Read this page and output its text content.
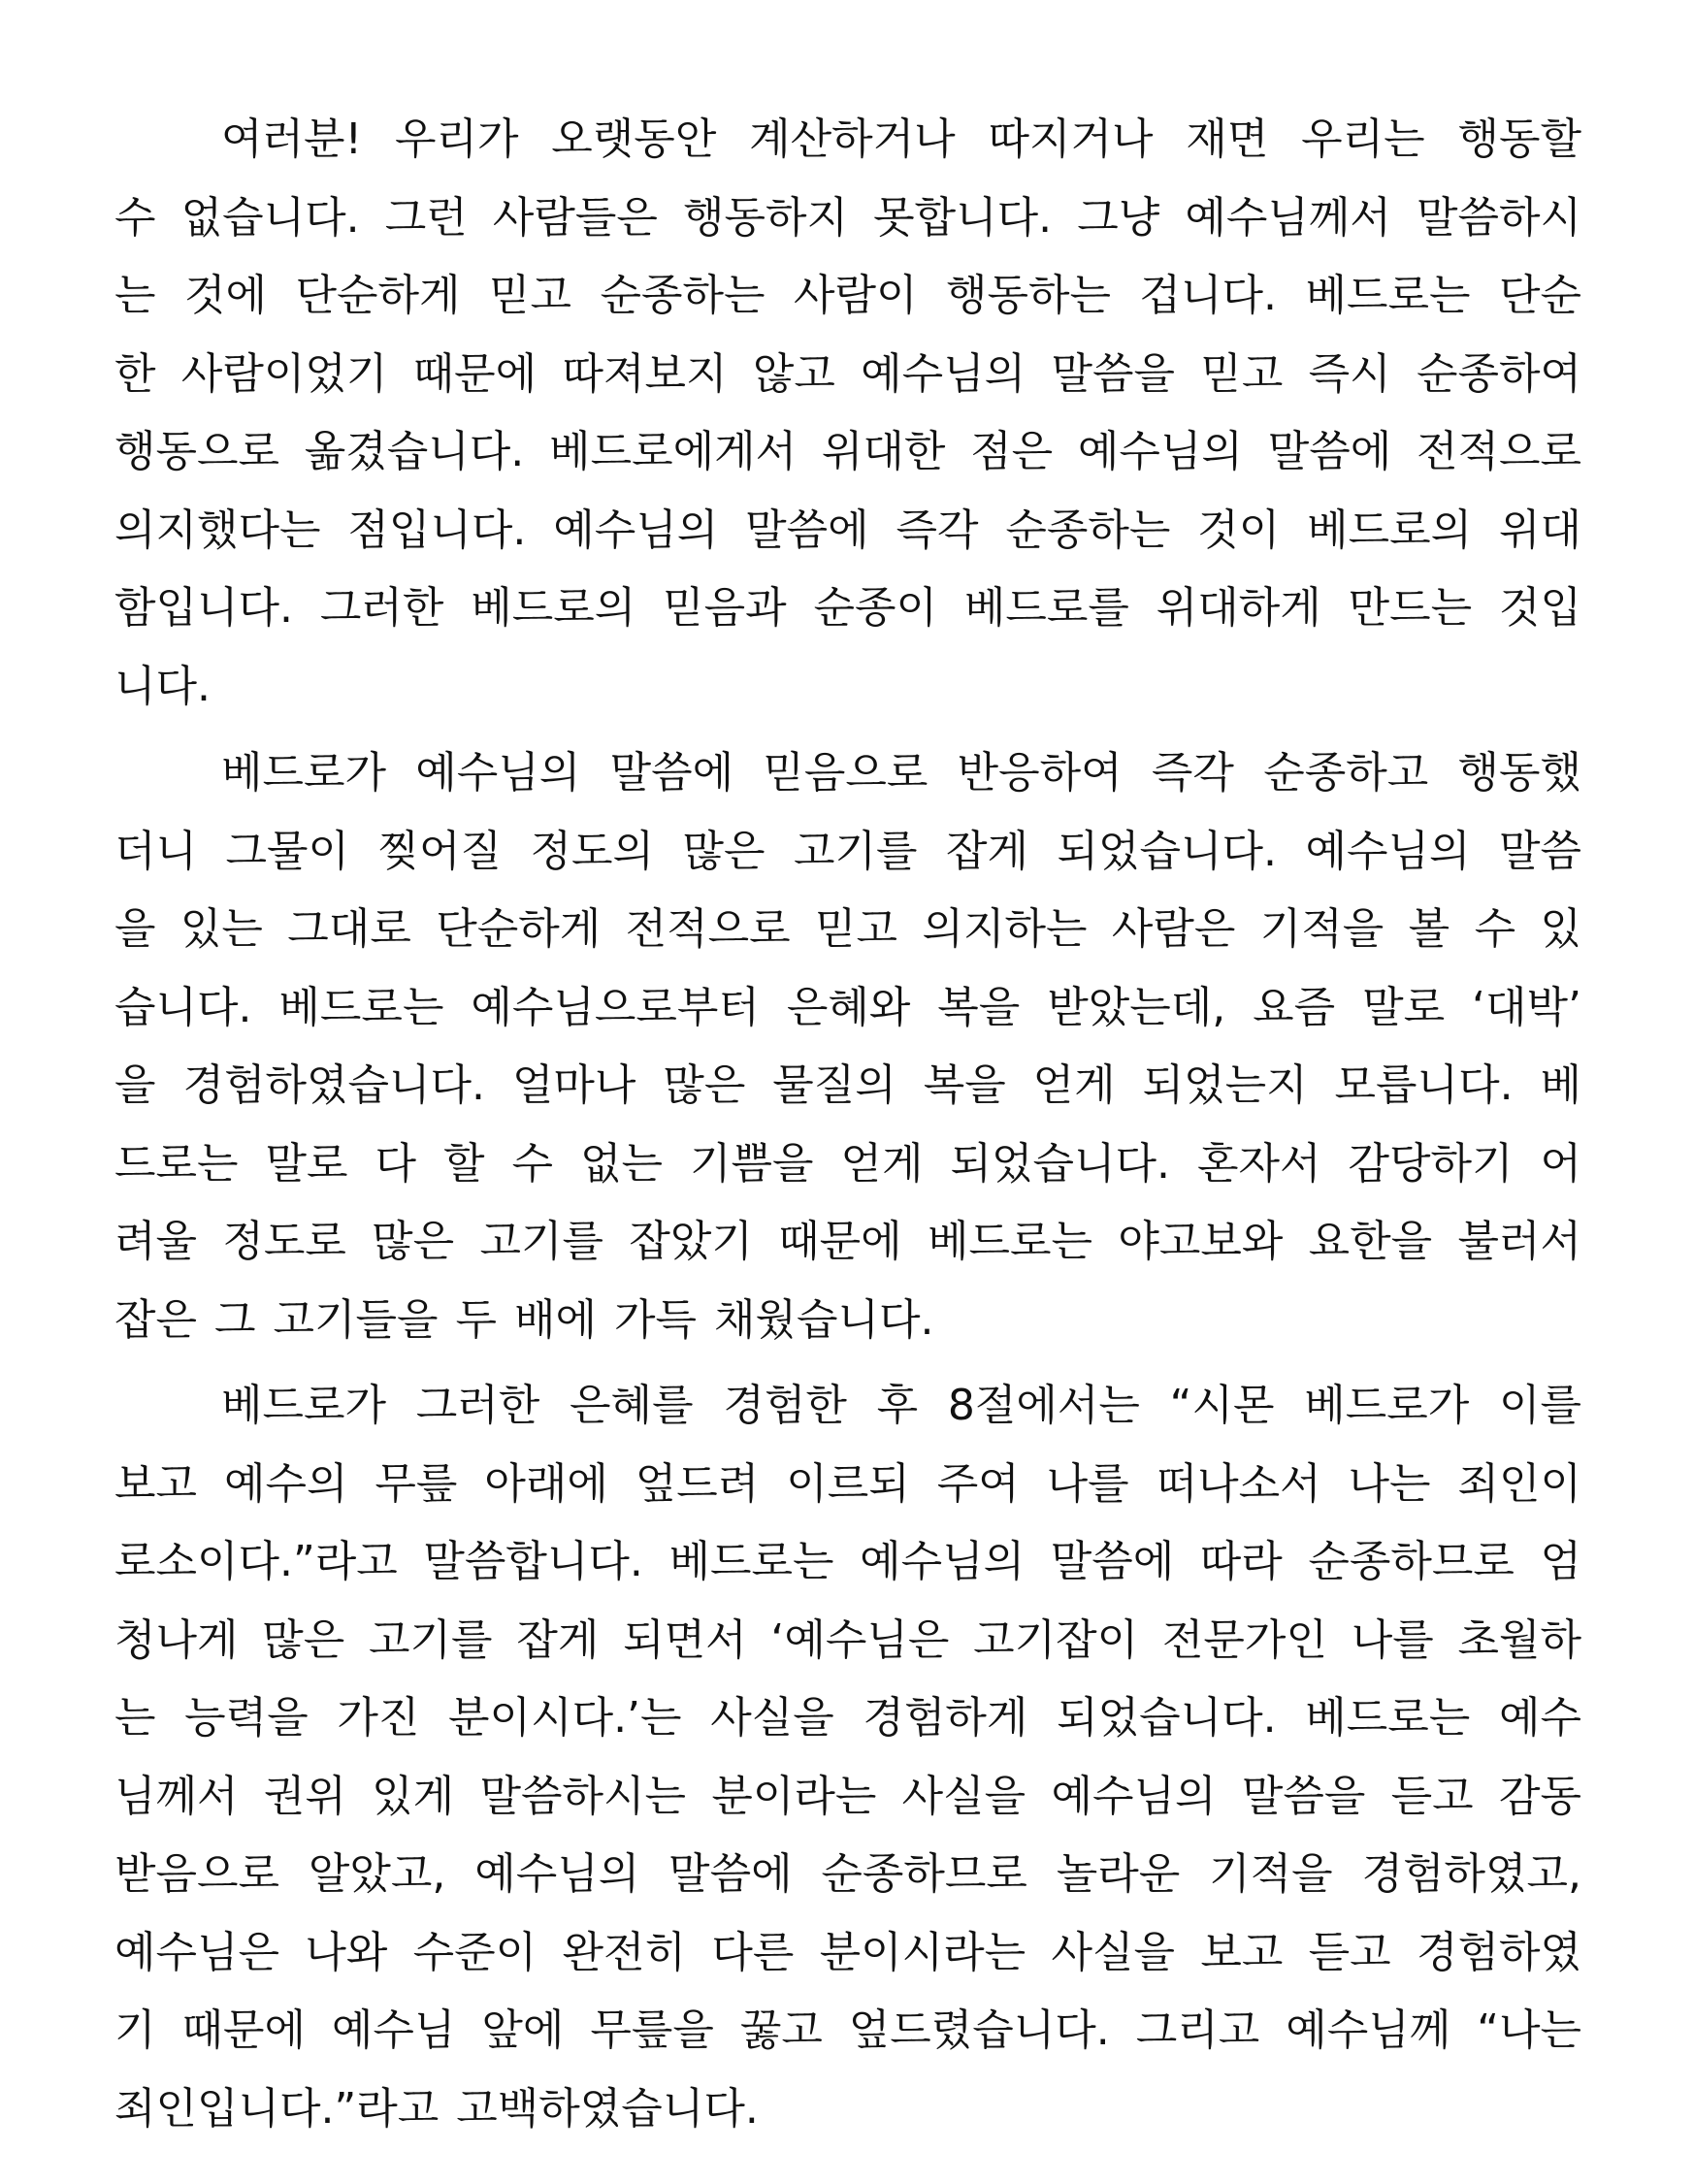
여러분! 우리가 오랫동안 계산하거나 따지거나 재면 우리는 행동할
수 없습니다. 그런 사람들은 행동하지 못합니다. 그냥 예수님께서 말씀하시
는 것에 단순하게 믿고 순종하는 사람이 행동하는 겁니다. 베드로는 단순
한 사람이었기 때문에 따져보지 않고 예수님의 말씀을 믿고 즉시 순종하여
행동으로 옮겼습니다. 베드로에게서 위대한 점은 예수님의 말씀에 전적으로
의지했다는 점입니다. 예수님의 말씀에 즉각 순종하는 것이 베드로의 위대
함입니다. 그러한 베드로의 믿음과 순종이 베드로를 위대하게 만드는 것입
니다.
베드로가 예수님의 말씀에 믿음으로 반응하여 즉각 순종하고 행동했
더니 그물이 찢어질 정도의 많은 고기를 잡게 되었습니다. 예수님의 말씀
을 있는 그대로 단순하게 전적으로 믿고 의지하는 사람은 기적을 볼 수 있
습니다. 베드로는 예수님으로부터 은혜와 복을 받았는데, 요즘 말로 ‘대박’
을 경험하였습니다. 얼마나 많은 물질의 복을 얻게 되었는지 모릅니다. 베
드로는 말로 다 할 수 없는 기쁨을 얻게 되었습니다. 혼자서 감당하기 어
려울 정도로 많은 고기를 잡았기 때문에 베드로는 야고보와 요한을 불러서
잡은 그 고기들을 두 배에 가득 채웠습니다.
베드로가 그러한 은혜를 경험한 후 8절에서는 “시몬 베드로가 이를
보고 예수의 무릎 아래에 엎드려 이르되 주여 나를 떠나소서 나는 죄인이
로소이다.”라고 말씀합니다. 베드로는 예수님의 말씀에 따라 순종하므로 엄
청나게 많은 고기를 잡게 되면서 ‘예수님은 고기잡이 전문가인 나를 초월하
는 능력을 가진 분이시다.’는 사실을 경험하게 되었습니다. 베드로는 예수
님께서 권위 있게 말씀하시는 분이라는 사실을 예수님의 말씀을 듣고 감동
받음으로 알았고, 예수님의 말씀에 순종하므로 놀라운 기적을 경험하였고,
예수님은 나와 수준이 완전히 다른 분이시라는 사실을 보고 듣고 경험하였
기 때문에 예수님 앞에 무릎을 꿇고 엎드렸습니다. 그리고 예수님께 “나는
죄인입니다.”라고 고백하였습니다.
